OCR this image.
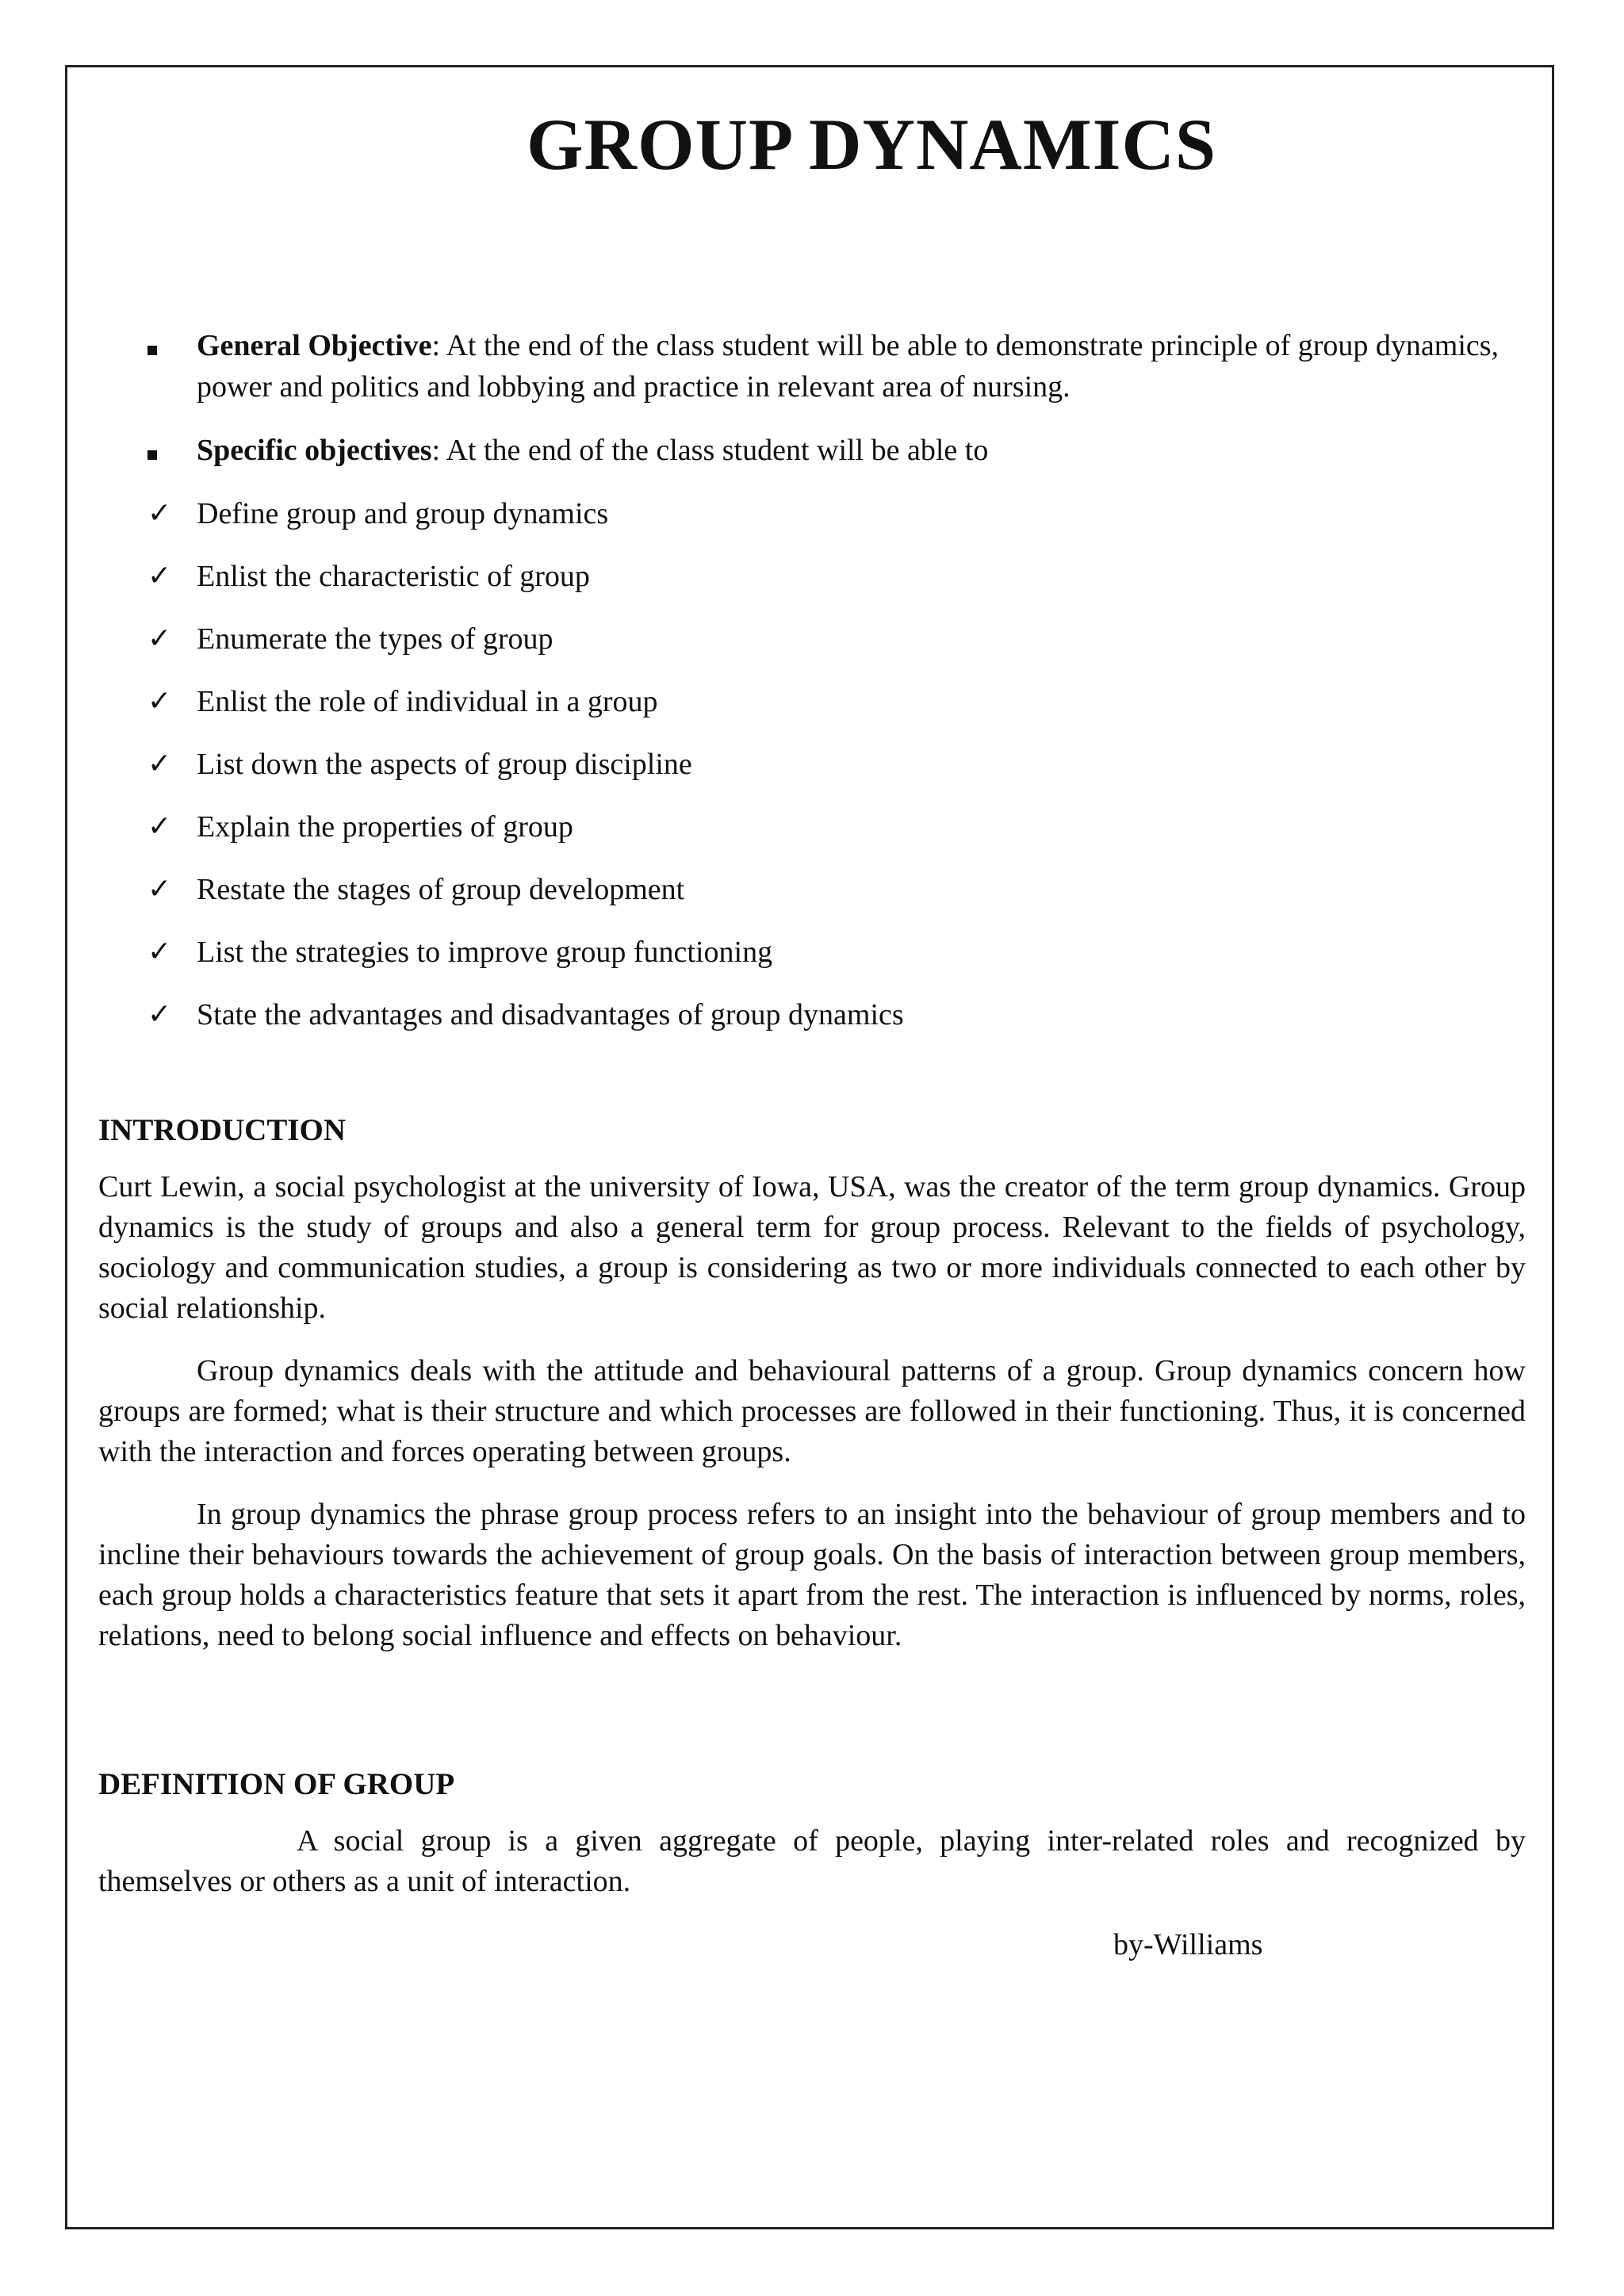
GROUP DYNAMICS
General Objective: At the end of the class student will be able to demonstrate principle of group dynamics, power and politics and lobbying and practice in relevant area of nursing.
Specific objectives: At the end of the class student will be able to
✓ Define group and group dynamics
✓ Enlist the characteristic of group
✓ Enumerate the types of group
✓ Enlist the role of individual in a group
✓ List down the aspects of group discipline
✓ Explain the properties of group
✓ Restate the stages of group development
✓ List the strategies to improve group functioning
✓ State the advantages and disadvantages of group dynamics
INTRODUCTION

Curt Lewin, a social psychologist at the university of Iowa, USA, was the creator of the term group dynamics. Group dynamics is the study of groups and also a general term for group process. Relevant to the fields of psychology, sociology and communication studies, a group is considering as two or more individuals connected to each other by social relationship.

Group dynamics deals with the attitude and behavioural patterns of a group. Group dynamics concern how groups are formed; what is their structure and which processes are followed in their functioning. Thus, it is concerned with the interaction and forces operating between groups.

In group dynamics the phrase group process refers to an insight into the behaviour of group members and to incline their behaviours towards the achievement of group goals. On the basis of interaction between group members, each group holds a characteristics feature that sets it apart from the rest. The interaction is influenced by norms, roles, relations, need to belong social influence and effects on behaviour.

DEFINITION OF GROUP

A social group is a given aggregate of people, playing inter-related roles and recognized by themselves or others as a unit of interaction.

by-Williams
